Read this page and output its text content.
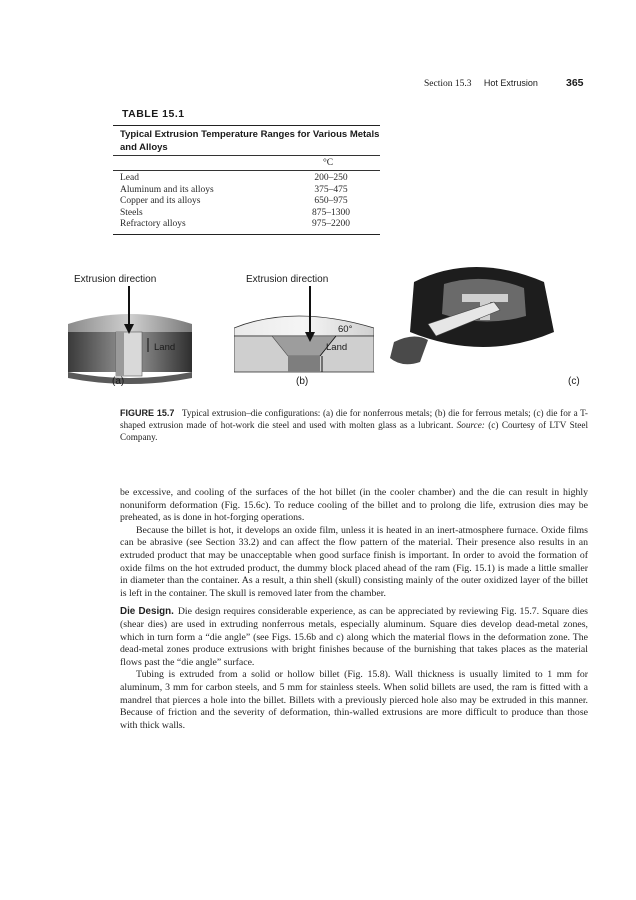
Section 15.3 Hot Extrusion	365
TABLE 15.1
Typical Extrusion Temperature Ranges for Various Metals and Alloys
°C
Lead	200–250
Aluminum and its alloys	375–475
Copper and its alloys	650–975
Steels	875–1300
Refractory alloys	975–2200
Extrusion direction
Land
Extrusion direction
60°
Land
(a)	(b)	(c)
FIGURE 15.7 Typical extrusion–die configurations: (a) die for nonferrous metals; (b) die for ferrous metals; (c) die for a T-shaped extrusion made of hot-work die steel and used with molten glass as a lubricant. Source: (c) Courtesy of LTV Steel Company.

be excessive, and cooling of the surfaces of the hot billet (in the cooler chamber) and the die can result in highly nonuniform deformation (Fig. 15.6c). To reduce cooling of the billet and to prolong die life, extrusion dies may be preheated, as is done in hot-forging operations.

Because the billet is hot, it develops an oxide film, unless it is heated in an inert-atmosphere furnace. Oxide films can be abrasive (see Section 33.2) and can affect the flow pattern of the material. Their presence also results in an extruded product that may be unacceptable when good surface finish is important. In order to avoid the formation of oxide films on the hot extruded product, the dummy block placed ahead of the ram (Fig. 15.1) is made a little smaller in diameter than the container. As a result, a thin shell (skull) consisting mainly of the outer oxidized layer of the billet is left in the container. The skull is removed later from the chamber.

Die Design. Die design requires considerable experience, as can be appreciated by reviewing Fig. 15.7. Square dies (shear dies) are used in extruding nonferrous metals, especially aluminum. Square dies develop dead-metal zones, which in turn form a “die angle” (see Figs. 15.6b and c) along which the material flows in the deformation zone. The dead-metal zones produce extrusions with bright finishes because of the burnishing that takes places as the material flows past the “die angle” surface.

Tubing is extruded from a solid or hollow billet (Fig. 15.8). Wall thickness is usually limited to 1 mm for aluminum, 3 mm for carbon steels, and 5 mm for stainless steels. When solid billets are used, the ram is fitted with a mandrel that pierces a hole into the billet. Billets with a previously pierced hole also may be extruded in this manner. Because of friction and the severity of deformation, thin-walled extrusions are more difficult to produce than those with thick walls.
